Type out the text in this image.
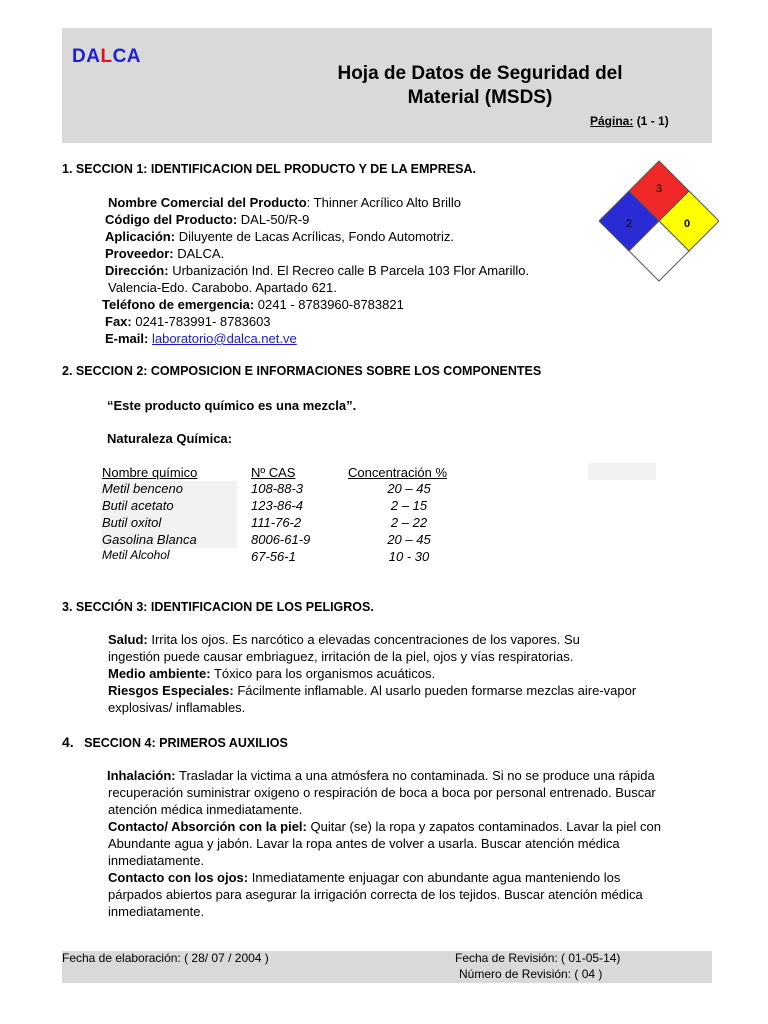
DALCA
Hoja de Datos de Seguridad del
Material (MSDS)
Página: (1 - 1)
3
2	0
1. SECCION 1: IDENTIFICACION DEL PRODUCTO Y DE LA EMPRESA.
Nombre Comercial del Producto: Thinner Acrílico Alto Brillo
Código del Producto: DAL-50/R-9
Aplicación: Diluyente de Lacas Acrílicas, Fondo Automotriz.
Proveedor: DALCA.
Dirección: Urbanización Ind. El Recreo calle B Parcela 103 Flor Amarillo.
Valencia-Edo. Carabobo. Apartado 621.
Teléfono de emergencia: 0241 - 8783960-8783821
Fax: 0241-783991- 8783603
E-mail: laboratorio@dalca.net.ve
2. SECCION 2: COMPOSICION E INFORMACIONES SOBRE LOS COMPONENTES
“Este producto químico es una mezcla”.
Naturaleza Química:
Nombre químico	Nº CAS	Concentración %
Metil benceno	108-88-3	20 – 45
Butil acetato	123-86-4	2 – 15
Butil oxitol	111-76-2	2 – 22
Gasolina Blanca	8006-61-9	20 – 45
Metil Alcohol	67-56-1	10 - 30
3. SECCIÓN 3: IDENTIFICACION DE LOS PELIGROS.
Salud: Irrita los ojos. Es narcótico a elevadas concentraciones de los vapores. Su
ingestión puede causar embriaguez, irritación de la piel, ojos y vías respiratorias.
Medio ambiente: Tóxico para los organismos acuáticos.
Riesgos Especiales: Fácilmente inflamable. Al usarlo pueden formarse mezclas aire-vapor
explosivas/ inflamables.
4. SECCION 4: PRIMEROS AUXILIOS
Inhalación: Trasladar la victima a una atmósfera no contaminada. Si no se produce una rápida
recuperación suministrar oxigeno o respiración de boca a boca por personal entrenado. Buscar
atención médica inmediatamente.
Contacto/ Absorción con la piel: Quitar (se) la ropa y zapatos contaminados. Lavar la piel con
Abundante agua y jabón. Lavar la ropa antes de volver a usarla. Buscar atención médica
inmediatamente.
Contacto con los ojos: Inmediatamente enjuagar con abundante agua manteniendo los
párpados abiertos para asegurar la irrigación correcta de los tejidos. Buscar atención médica
inmediatamente.
Fecha de elaboración: ( 28/ 07 / 2004 )	Fecha de Revisión: ( 01-05-14)
Número de Revisión: ( 04 )
